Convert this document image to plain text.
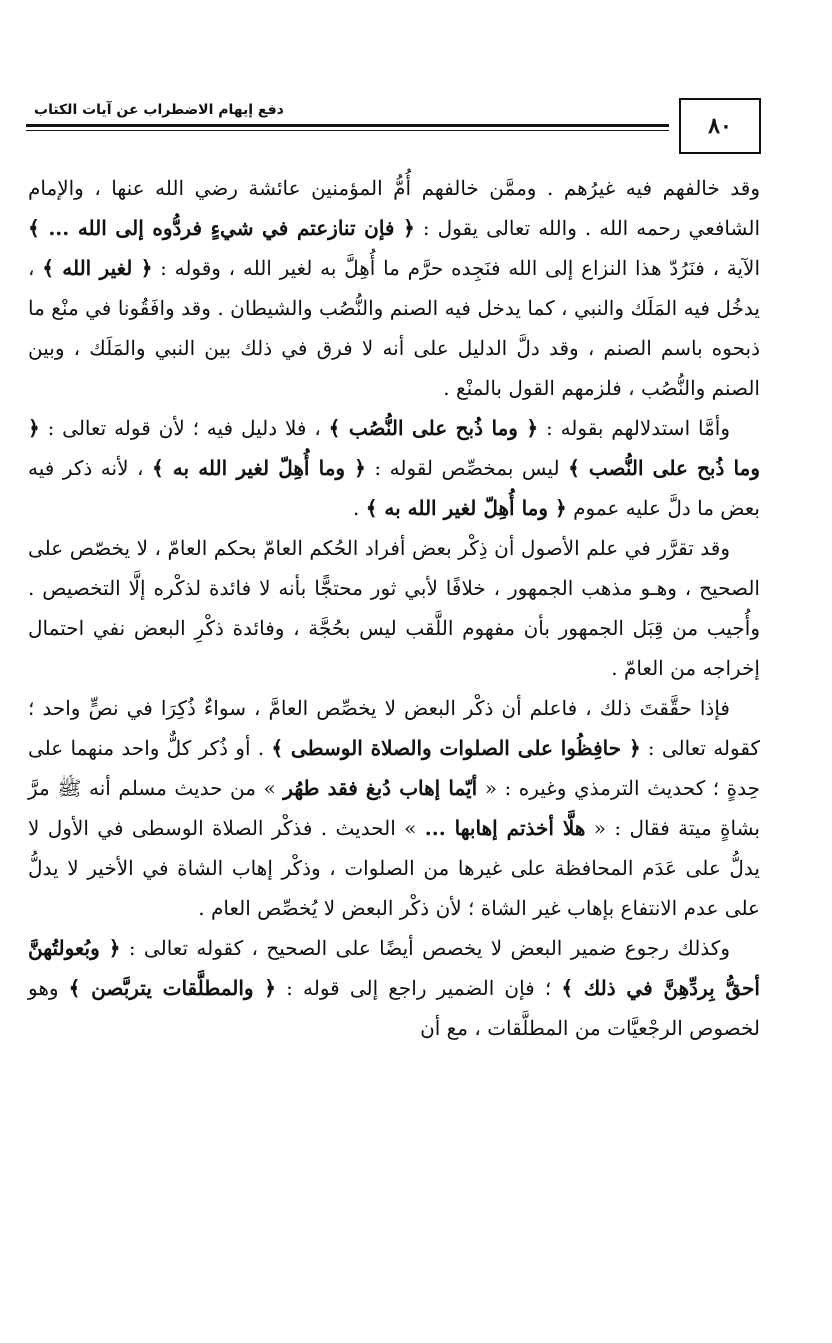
٨٠
دفع إيهام الاضطراب عن آيات الكتاب

وقد خالفهم فيه غيرُهم . وممَّن خالفهم أُمُّ المؤمنين عائشة رضي الله عنها ، والإمام الشافعي رحمه الله . والله تعالى يقول : ﴿ فإن تنازعتم في شيءٍ فردُّوه إلى الله ... ﴾الآية ، فنَرُدّ هذا النزاع إلى الله فنَجِده حرَّم ما أُهِلَّ به لغير الله ، وقوله : ﴿ لغير الله ﴾ ، يدخُل فيه المَلَك والنبي ، كما يدخل فيه الصنم والنُّصُب والشيطان . وقد وافَقُونا في منْع ما ذبحوه باسم الصنم ، وقد دلَّ الدليل على أنه لا فرق في ذلك بين النبي والمَلَك ، وبين الصنم والنُّصُب ، فلزمهم القول بالمنْع .

وأمَّا استدلالهم بقوله : ﴿ وما ذُبح على النُّصُب ﴾ ، فلا دليل فيه ؛ لأن قوله تعالى : ﴿ وما ذُبح على النُّصب ﴾ ليس بمخصِّص لقوله : ﴿ وما أُهِلّ لغير الله به ﴾ ، لأنه ذكر فيه بعض ما دلَّ عليه عموم ﴿ وما أُهِلّ لغير الله به ﴾ .

وقد تقرَّر في علم الأصول أن ذِكْر بعض أفراد الحُكم العامّ بحكم العامّ ، لا يخصّص على الصحيح ، وهـو مذهب الجمهور ، خلافًا لأبي ثور محتجًّا بأنه لا فائدة لذكْره إلَّا التخصيص . وأُجيب من قِبَل الجمهور بأن مفهوم اللَّقب ليس بحُجَّة ، وفائدة ذكْرِ البعض نفي احتمال إخراجه من العامّ .

فإذا حقَّقتَ ذلك ، فاعلم أن ذكْر البعض لا يخصِّص العامَّ ، سواءٌ ذُكِرَا في نصٍّ واحد ؛ كقوله تعالى : ﴿ حافِظُوا على الصلوات والصلاة الوسطى ﴾ . أو ذُكر كلٌّ واحد منهما على حِدةٍ ؛ كحديث الترمذي وغيره : « أيّما إهاب دُبغ فقد طهُر » من حديث مسلم أنه ﷺ مرَّ بشاةٍ ميتة فقال : « هلَّا أخذتم إهابها ... » الحديث . فذكْر الصلاة الوسطى في الأول لا يدلُّ على عَدَم المحافظة على غيرها من الصلوات ، وذكْر إهاب الشاة في الأخير لا يدلُّ على عدم الانتفاع بإهاب غير الشاة ؛ لأن ذكْر البعض لا يُخصِّص العام .

وكذلك رجوع ضمير البعض لا يخصص أيضًا على الصحيح ، كقوله تعالى : ﴿ وبُعولتُهنَّ أحقُّ بِردِّهِنَّ في ذلك ﴾ ؛ فإن الضمير راجع إلى قوله : ﴿ والمطلَّقات يتربَّصن ﴾ وهو لخصوص الرجْعيَّات من المطلَّقات ، مع أن
